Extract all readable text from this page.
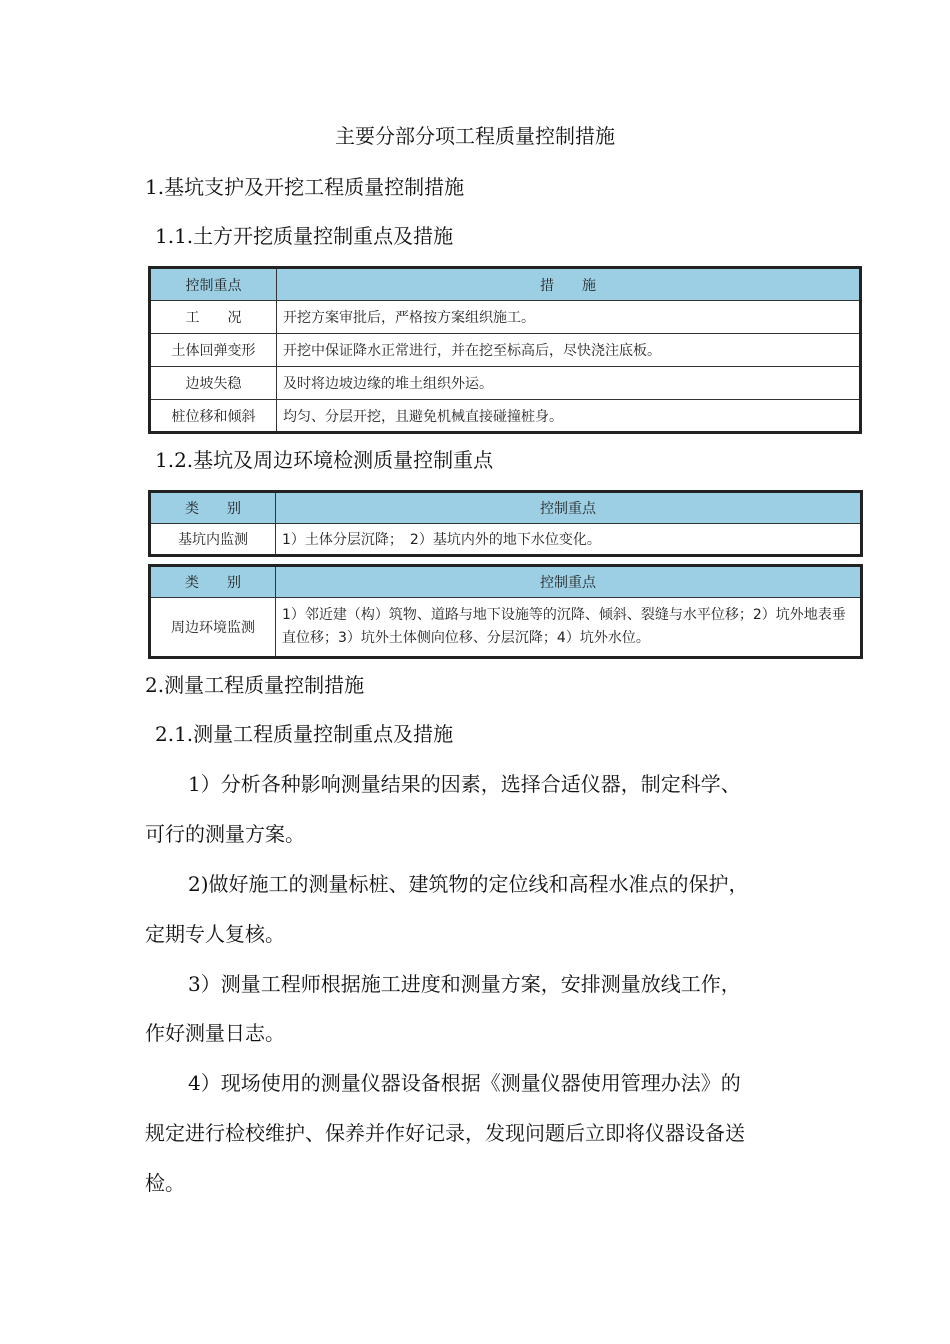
主要分部分项工程质量控制措施
1.基坑支护及开挖工程质量控制措施
1.1.土方开挖质量控制重点及措施
控制重点	措　　施
工　　况	开挖方案审批后，严格按方案组织施工。
土体回弹变形	开挖中保证降水正常进行，并在挖至标高后，尽快浇注底板。
边坡失稳	及时将边坡边缘的堆土组织外运。
桩位移和倾斜	均匀、分层开挖，且避免机械直接碰撞桩身。
1.2.基坑及周边环境检测质量控制重点
类　　别	控制重点
基坑内监测	1）土体分层沉降；　2）基坑内外的地下水位变化。
类　　别	控制重点
周边环境监测	1）邻近建（构）筑物、道路与地下设施等的沉降、倾斜、裂缝与水平位移；2）坑外地表垂直位移；3）坑外土体侧向位移、分层沉降；4）坑外水位。
2.测量工程质量控制措施
2.1.测量工程质量控制重点及措施
1）分析各种影响测量结果的因素，选择合适仪器，制定科学、
可行的测量方案。
2)做好施工的测量标桩、建筑物的定位线和高程水准点的保护，
定期专人复核。
3）测量工程师根据施工进度和测量方案，安排测量放线工作，
作好测量日志。
4）现场使用的测量仪器设备根据《测量仪器使用管理办法》的
规定进行检校维护、保养并作好记录，发现问题后立即将仪器设备送
检。
